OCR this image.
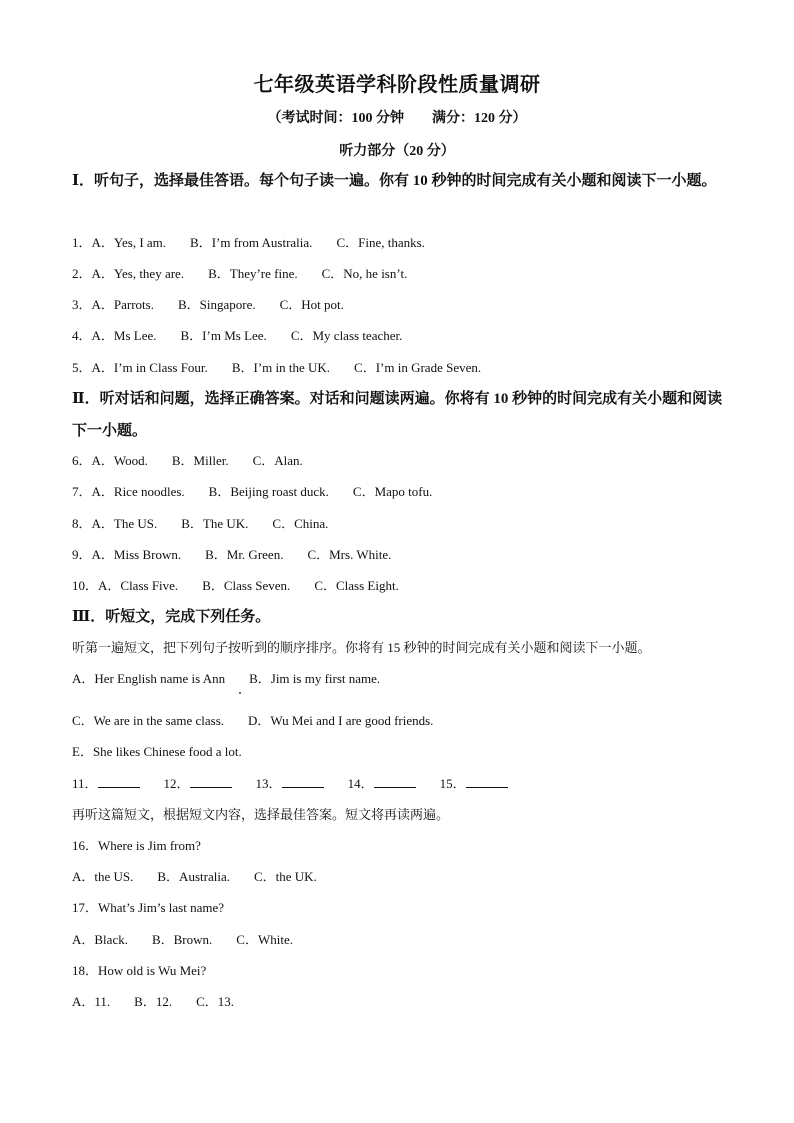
七年级英语学科阶段性质量调研
（考试时间：100 分钟 满分：120 分）
听力部分（20 分）
Ⅰ．听句子，选择最佳答语。每个句子读一遍。你有 10 秒钟的时间完成有关小题和阅读下一小题。
1．A．Yes, I am. B．I’m from Australia. C．Fine, thanks.
2．A．Yes, they are. B．They’re fine. C．No, he isn’t.
3．A．Parrots. B．Singapore. C．Hot pot.
4．A．Ms Lee. B．I’m Ms Lee. C．My class teacher.
5．A．I’m in Class Four. B．I’m in the UK. C．I’m in Grade Seven.
Ⅱ．听对话和问题，选择正确答案。对话和问题读两遍。你将有 10 秒钟的时间完成有关小题和阅读下一小题。
6．A．Wood. B．Miller. C．Alan.
7．A．Rice noodles. B．Beijing roast duck. C．Mapo tofu.
8．A．The US. B．The UK. C．China.
9．A．Miss Brown. B．Mr. Green. C．Mrs. White.
10．A．Class Five. B．Class Seven. C．Class Eight.
Ⅲ．听短文，完成下列任务。
听第一遍短文，把下列句子按听到的顺序排序。你将有 15 秒钟的时间完成有关小题和阅读下一小题。
A．Her English name is Ann B．Jim is my first name.
C．We are in the same class. D．Wu Mei and I are good friends.
E．She likes Chinese food a lot.
11．	12．	13．	14．	15．
再听这篇短文，根据短文内容，选择最佳答案。短文将再读两遍。
16．Where is Jim from?
A．the US. B．Australia. C．the UK.
17．What’s Jim’s last name?
A．Black. B．Brown. C．White.
18．How old is Wu Mei?
A．11. B．12. C．13.
